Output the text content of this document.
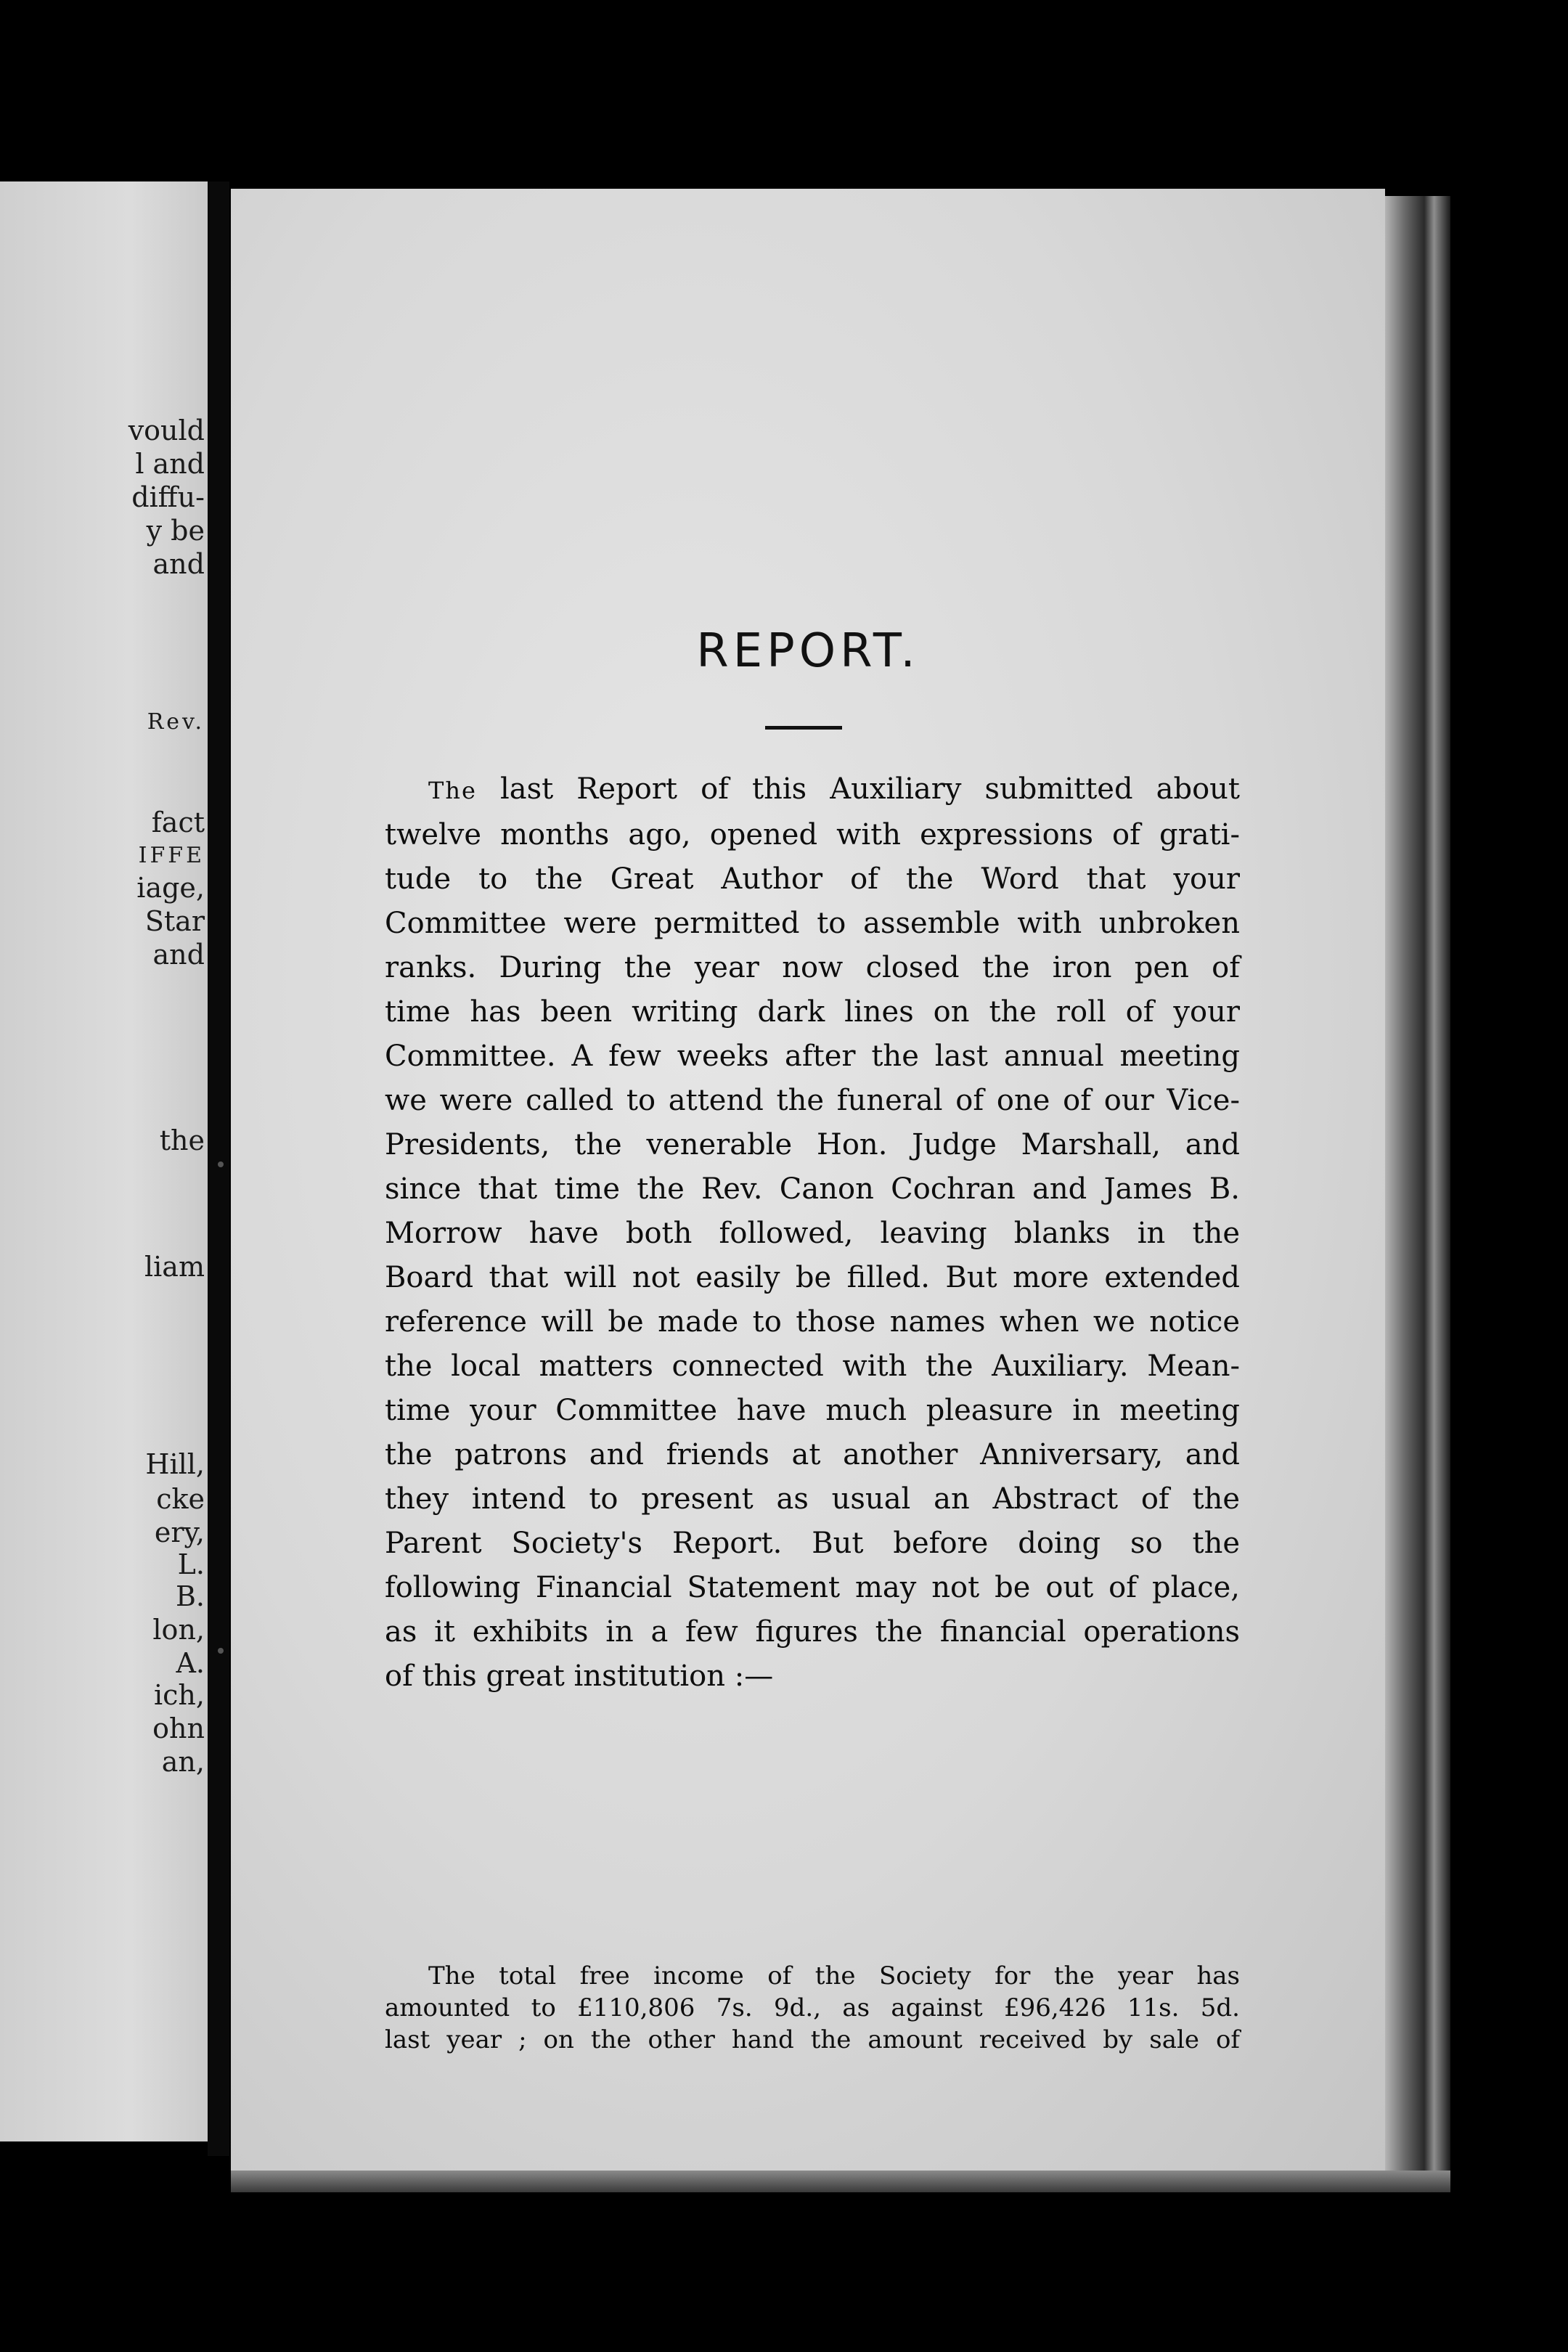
vould
l and
diffu-
y be
and
Rev.
fact
IFFE
iage,
Star
and
the
liam
Hill,
cke
ery,
L.
B.
lon,
A.
ich,
ohn
an,
REPORT.
The last Report of this Auxiliary submitted about
twelve months ago, opened with expressions of grati-
tude to the Great Author of the Word that your
Committee were permitted to assemble with unbroken
ranks. During the year now closed the iron pen of
time has been writing dark lines on the roll of your
Committee. A few weeks after the last annual meeting
we were called to attend the funeral of one of our Vice-
Presidents, the venerable Hon. Judge Marshall, and
since that time the Rev. Canon Cochran and James B.
Morrow have both followed, leaving blanks in the
Board that will not easily be filled. But more extended
reference will be made to those names when we notice
the local matters connected with the Auxiliary. Mean-
time your Committee have much pleasure in meeting
the patrons and friends at another Anniversary, and
they intend to present as usual an Abstract of the
Parent Society's Report. But before doing so the
following Financial Statement may not be out of place,
as it exhibits in a few figures the financial operations
of this great institution :—
The total free income of the Society for the year has
amounted to £110,806 7s. 9d., as against £96,426 11s. 5d.
last year ; on the other hand the amount received by sale of
